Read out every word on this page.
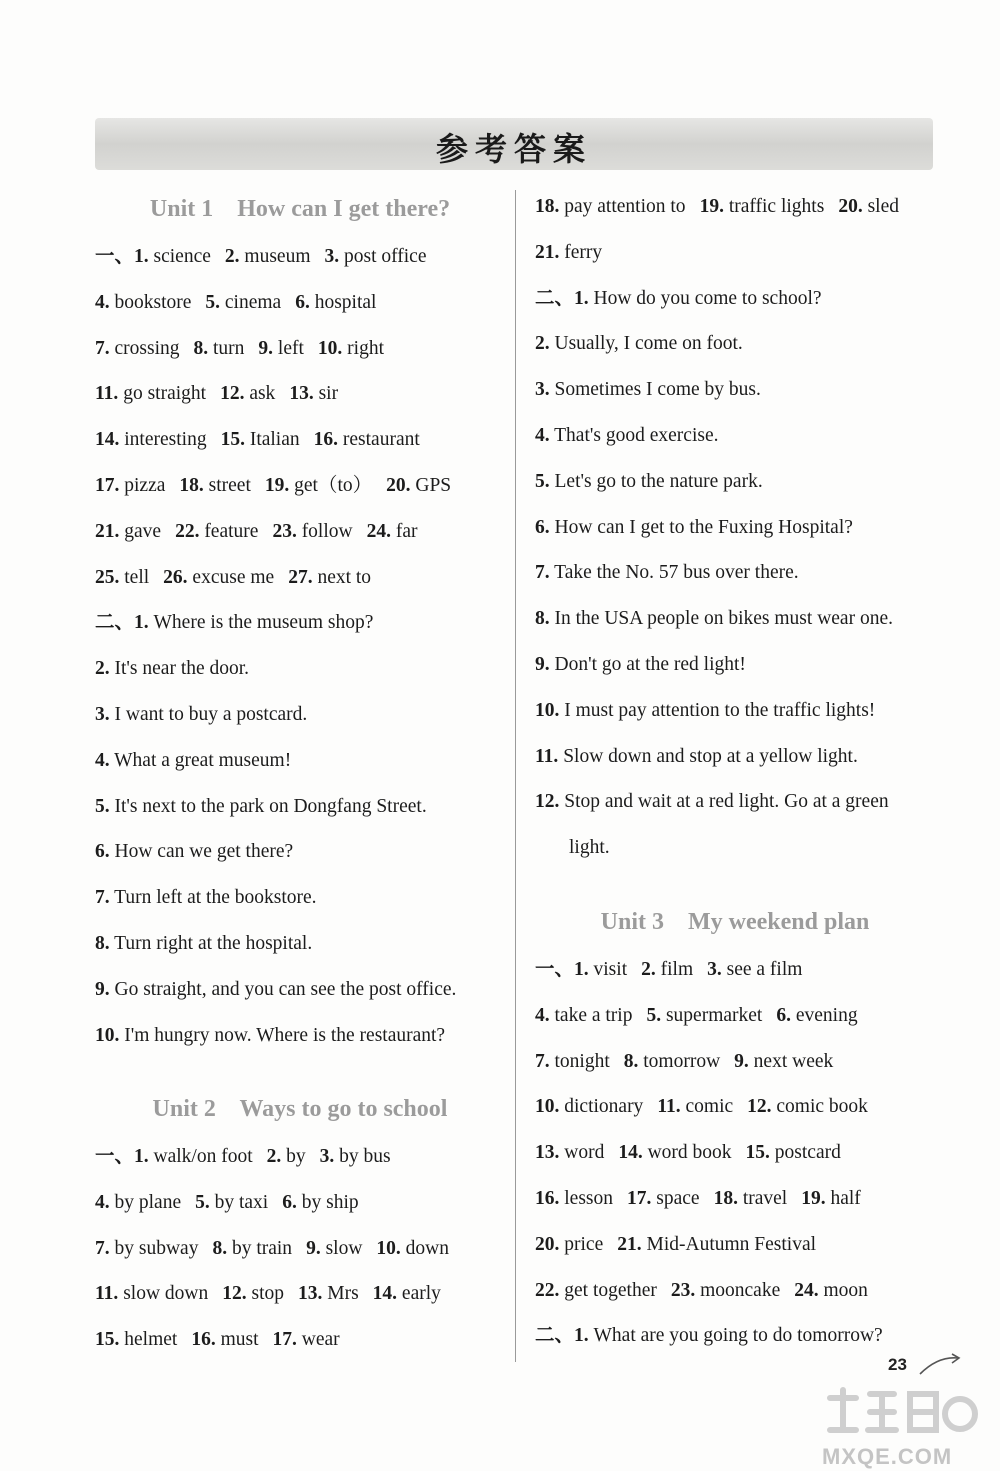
参考答案
Unit 1    How can I get there?
一、1. science 2. museum 3. post office
4. bookstore 5. cinema 6. hospital
7. crossing 8. turn 9. left 10. right
11. go straight 12. ask 13. sir
14. interesting 15. Italian 16. restaurant
17. pizza 18. street 19. get（to） 20. GPS
21. gave 22. feature 23. follow 24. far
25. tell 26. excuse me 27. next to
二、1. Where is the museum shop?
2. It's near the door.
3. I want to buy a postcard.
4. What a great museum!
5. It's next to the park on Dongfang Street.
6. How can we get there?
7. Turn left at the bookstore.
8. Turn right at the hospital.
9. Go straight, and you can see the post office.
10. I'm hungry now. Where is the restaurant?
Unit 2    Ways to go to school
一、1. walk/on foot 2. by 3. by bus
4. by plane 5. by taxi 6. by ship
7. by subway 8. by train 9. slow 10. down
11. slow down 12. stop 13. Mrs 14. early
15. helmet 16. must 17. wear
18. pay attention to 19. traffic lights 20. sled
21. ferry
二、1. How do you come to school?
2. Usually, I come on foot.
3. Sometimes I come by bus.
4. That's good exercise.
5. Let's go to the nature park.
6. How can I get to the Fuxing Hospital?
7. Take the No. 57 bus over there.
8. In the USA people on bikes must wear one.
9. Don't go at the red light!
10. I must pay attention to the traffic lights!
11. Slow down and stop at a yellow light.
12. Stop and wait at a red light. Go at a green
light.
Unit 3    My weekend plan
一、1. visit 2. film 3. see a film
4. take a trip 5. supermarket 6. evening
7. tonight 8. tomorrow 9. next week
10. dictionary 11. comic 12. comic book
13. word 14. word book 15. postcard
16. lesson 17. space 18. travel 19. half
20. price 21. Mid-Autumn Festival
22. get together 23. mooncake 24. moon
二、1. What are you going to do tomorrow?
23
MXQE.COM
